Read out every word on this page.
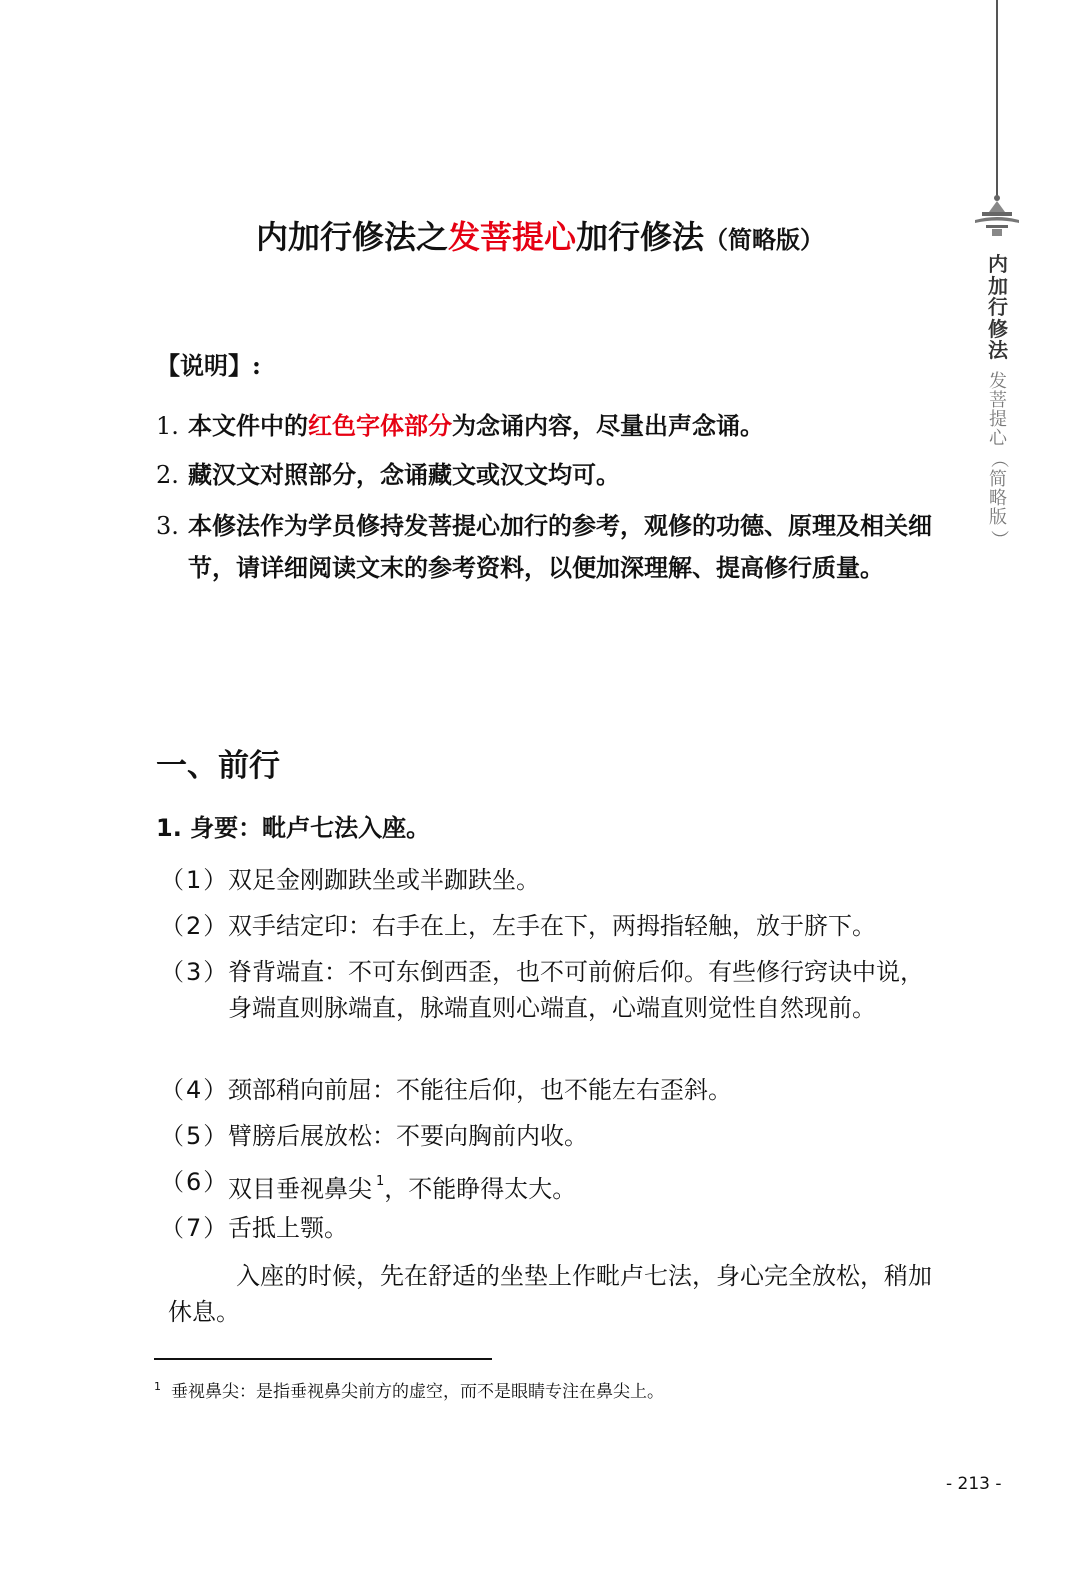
内
加
行
修
法
发
菩
提
心
（
简
略
版
）
内加行修法之发菩提心加行修法（简略版）
【说明】:
1. 本文件中的红色字体部分为念诵内容，尽量出声念诵。
2. 藏汉文对照部分，念诵藏文或汉文均可。
3. 本修法作为学员修持发菩提心加行的参考，观修的功德、原理及相关细节，请详细阅读文末的参考资料，以便加深理解、提高修行质量。
一、前行
1. 身要：毗卢七法入座。
（1）
双足金刚跏趺坐或半跏趺坐。
（2）
双手结定印：右手在上，左手在下，两拇指轻触，放于脐下。
（3）
脊背端直：不可东倒西歪，也不可前俯后仰。有些修行窍诀中说，身端直则脉端直，脉端直则心端直，心端直则觉性自然现前。
（4）
颈部稍向前屈：不能往后仰，也不能左右歪斜。
（5）
臂膀后展放松：不要向胸前内收。
（6）
双目垂视鼻尖 $^1$，不能睁得太大。
（7）
舌抵上颚。
入座的时候，先在舒适的坐垫上作毗卢七法，身心完全放松，稍加休息。
$^1$ 垂视鼻尖：是指垂视鼻尖前方的虚空，而不是眼睛专注在鼻尖上。
- 213 -
